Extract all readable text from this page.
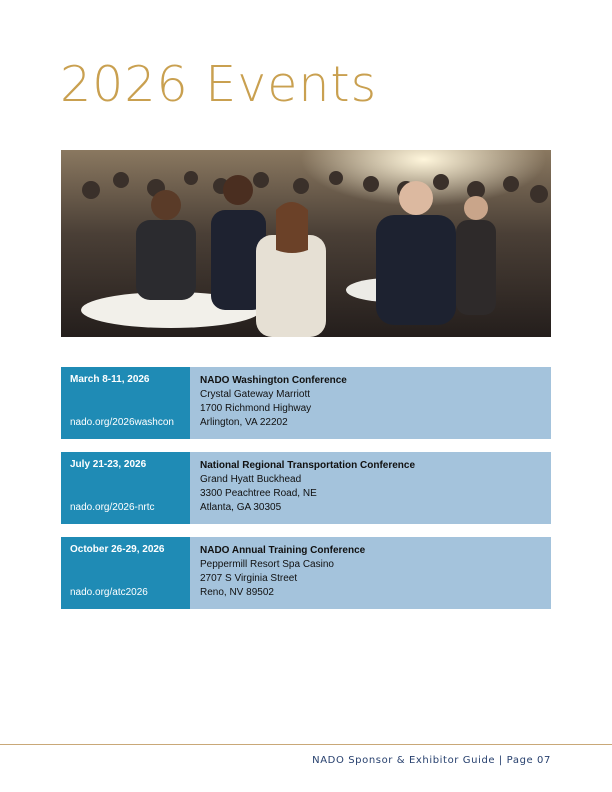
2026 Events
March 8-11, 2026
nado.org/2026washcon
NADO Washington Conference
Crystal Gateway Marriott
1700 Richmond Highway
Arlington, VA 22202
July 21-23, 2026
nado.org/2026-nrtc
National Regional Transportation Conference
Grand Hyatt Buckhead
3300 Peachtree Road, NE
Atlanta, GA 30305
October 26-29, 2026
nado.org/atc2026
NADO Annual Training Conference
Peppermill Resort Spa Casino
2707 S Virginia Street
Reno, NV 89502
NADO Sponsor & Exhibitor Guide | Page 07
